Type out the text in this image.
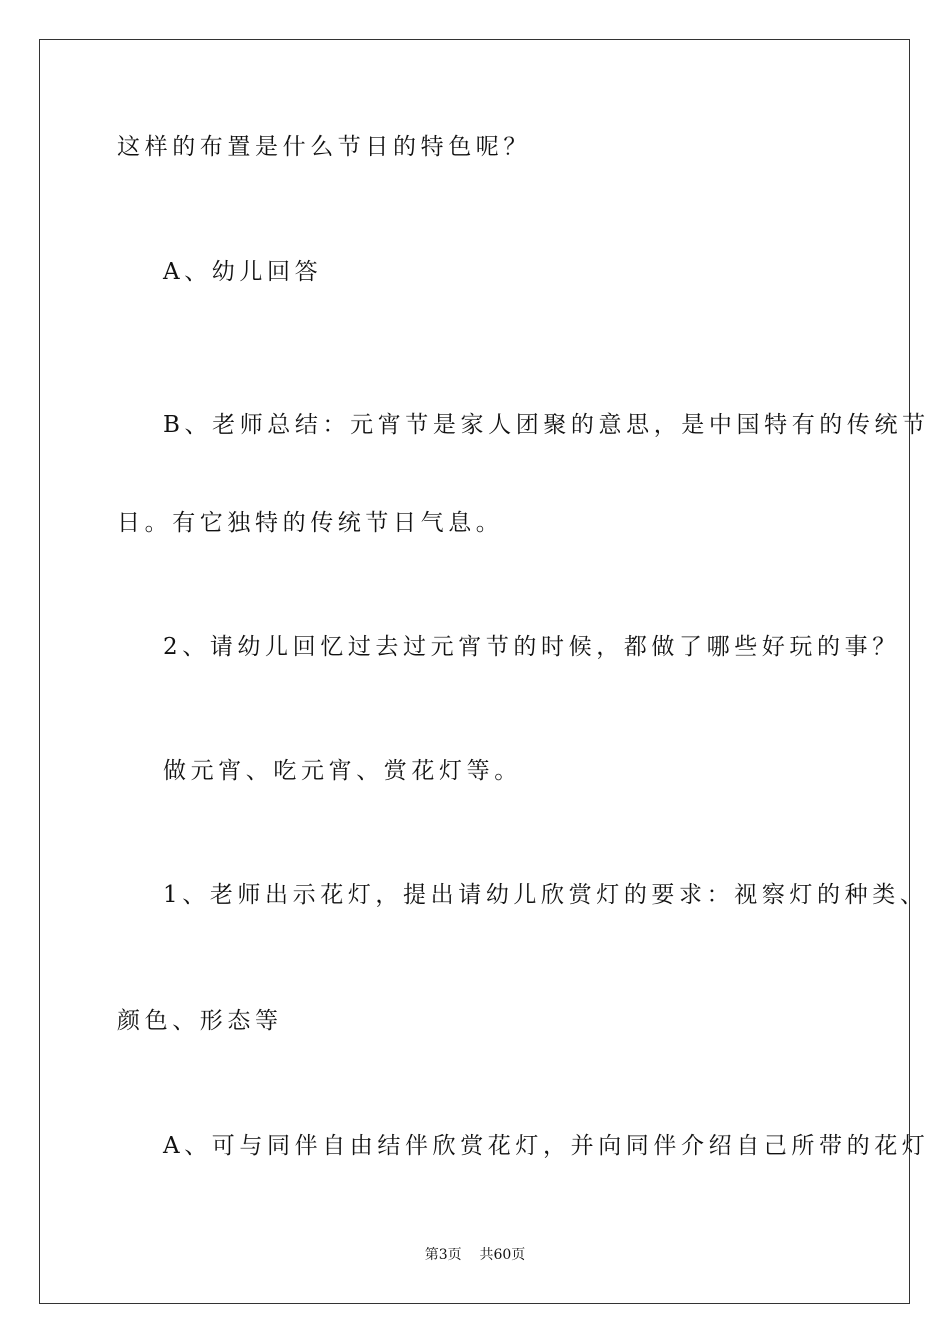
这样的布置是什么节日的特色呢？
A、幼儿回答
B、老师总结：元宵节是家人团聚的意思，是中国特有的传统节
日。有它独特的传统节日气息。
2、请幼儿回忆过去过元宵节的时候，都做了哪些好玩的事？
做元宵、吃元宵、赏花灯等。
1、老师出示花灯，提出请幼儿欣赏灯的要求：视察灯的种类、
颜色、形态等
A、可与同伴自由结伴欣赏花灯，并向同伴介绍自己所带的花灯
第3页 共60页
